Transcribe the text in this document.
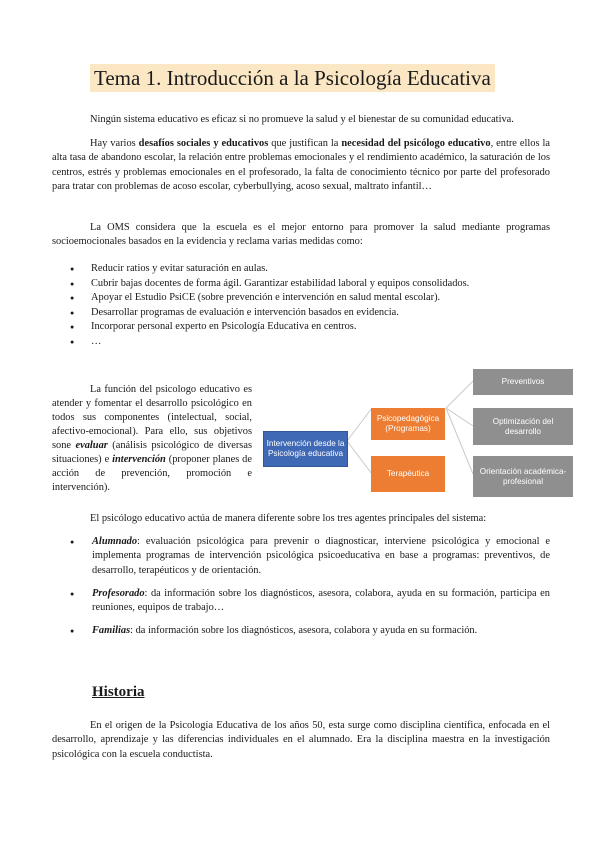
Tema 1. Introducción a la Psicología Educativa
Ningún sistema educativo es eficaz si no promueve la salud y el bienestar de su comunidad educativa.
Hay varios desafíos sociales y educativos que justifican la necesidad del psicólogo educativo, entre ellos la alta tasa de abandono escolar, la relación entre problemas emocionales y el rendimiento académico, la saturación de los centros, estrés y problemas emocionales en el profesorado, la falta de conocimiento técnico por parte del profesorado para tratar con problemas de acoso escolar, cyberbullying, acoso sexual, maltrato infantil…
La OMS considera que la escuela es el mejor entorno para promover la salud mediante programas socioemocionales basados en la evidencia y reclama varias medidas como:
● Reducir ratios y evitar saturación en aulas.
● Cubrir bajas docentes de forma ágil. Garantizar estabilidad laboral y equipos consolidados.
● Apoyar el Estudio PsiCE (sobre prevención e intervención en salud mental escolar).
● Desarrollar programas de evaluación e intervención basados en evidencia.
● Incorporar personal experto en Psicología Educativa en centros.
● …
La función del psicologo educativo es atender y fomentar el desarrollo psicológico en todos sus componentes (intelectual, social, afectivo-emocional). Para ello, sus objetivos sone evaluar (análisis psicológico de diversas situaciones) e intervención (proponer planes de acción de prevención, promoción e intervención).
Intervención desde la Psicología educativa
Psicopedagógica (Programas)
Terapéutica
Preventivos
Optimización del desarrollo
Orientación académica-profesional
El psicólogo educativo actúa de manera diferente sobre los tres agentes principales del sistema:
● Alumnado: evaluación psicológica para prevenir o diagnosticar, interviene psicológica y emocional e implementa programas de intervención psicológica psicoeducativa en base a programas: preventivos, de desarrollo, terapéuticos y de orientación.
● Profesorado: da información sobre los diagnósticos, asesora, colabora, ayuda en su formación, participa en reuniones, equipos de trabajo…
● Familias: da información sobre los diagnósticos, asesora, colabora y ayuda en su formación.
Historia
En el origen de la Psicología Educativa de los años 50, esta surge como disciplina científica, enfocada en el desarrollo, aprendizaje y las diferencias individuales en el alumnado. Era la disciplina maestra en la investigación psicológica con la escuela conductista.
